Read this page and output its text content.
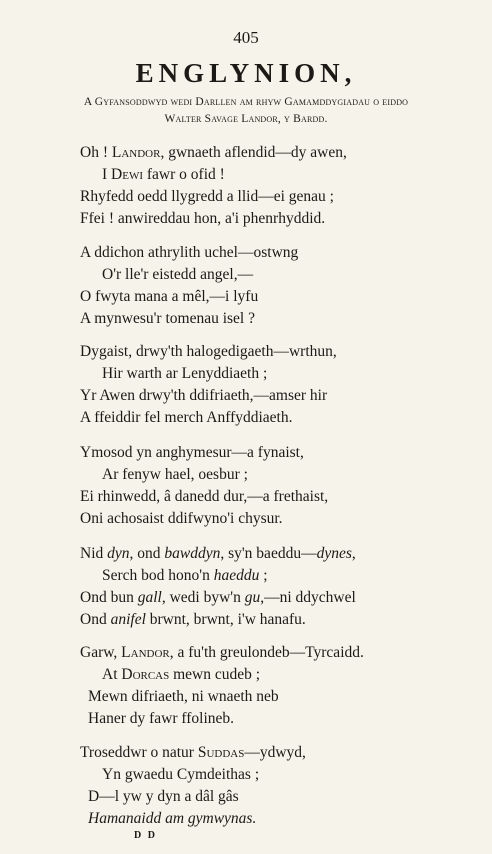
405
ENGLYNION,
A Gyfansoddwyd wedi Darllen am rhyw Gamamddygiadau o eiddo
Walter Savage Landor, y Bardd.
Oh ! Landor, gwnaeth aflendid—dy awen,
I Dewi fawr o ofid !
Rhyfedd oedd llygredd a llid—ei genau ;
Ffei ! anwireddau hon, a'i phenrhyddid.
A ddichon athrylith uchel—ostwng
O'r lle'r eistedd angel,—
O fwyta mana a mêl,—i lyfu
A mynwesu'r tomenau isel ?
Dygaist, drwy'th halogedigaeth—wrthun,
Hir warth ar Lenyddiaeth ;
Yr Awen drwy'th ddifriaeth,—amser hir
A ffeiddir fel merch Anffyddiaeth.
Ymosod yn anghymesur—a fynaist,
Ar fenyw hael, oesbur ;
Ei rhinwedd, â danedd dur,—a frethaist,
Oni achosaist ddifwyno'i chysur.
Nid dyn, ond bawddyn, sy'n baeddu—dynes,
Serch bod hono'n haeddu ;
Ond bun gall, wedi byw'n gu,—ni ddychwel
Ond anifel brwnt, brwnt, i'w hanafu.
Garw, Landor, a fu'th greulondeb—Tyrcaidd.
At Dorcas mewn cudeb ;
Mewn difriaeth, ni wnaeth neb
Haner dy fawr ffolineb.
Troseddwr o natur Suddas—ydwyd,
Yn gwaedu Cymdeithas ;
D—l yw y dyn a dâl gâs
Hamanaidd am gymwynas.
D D
